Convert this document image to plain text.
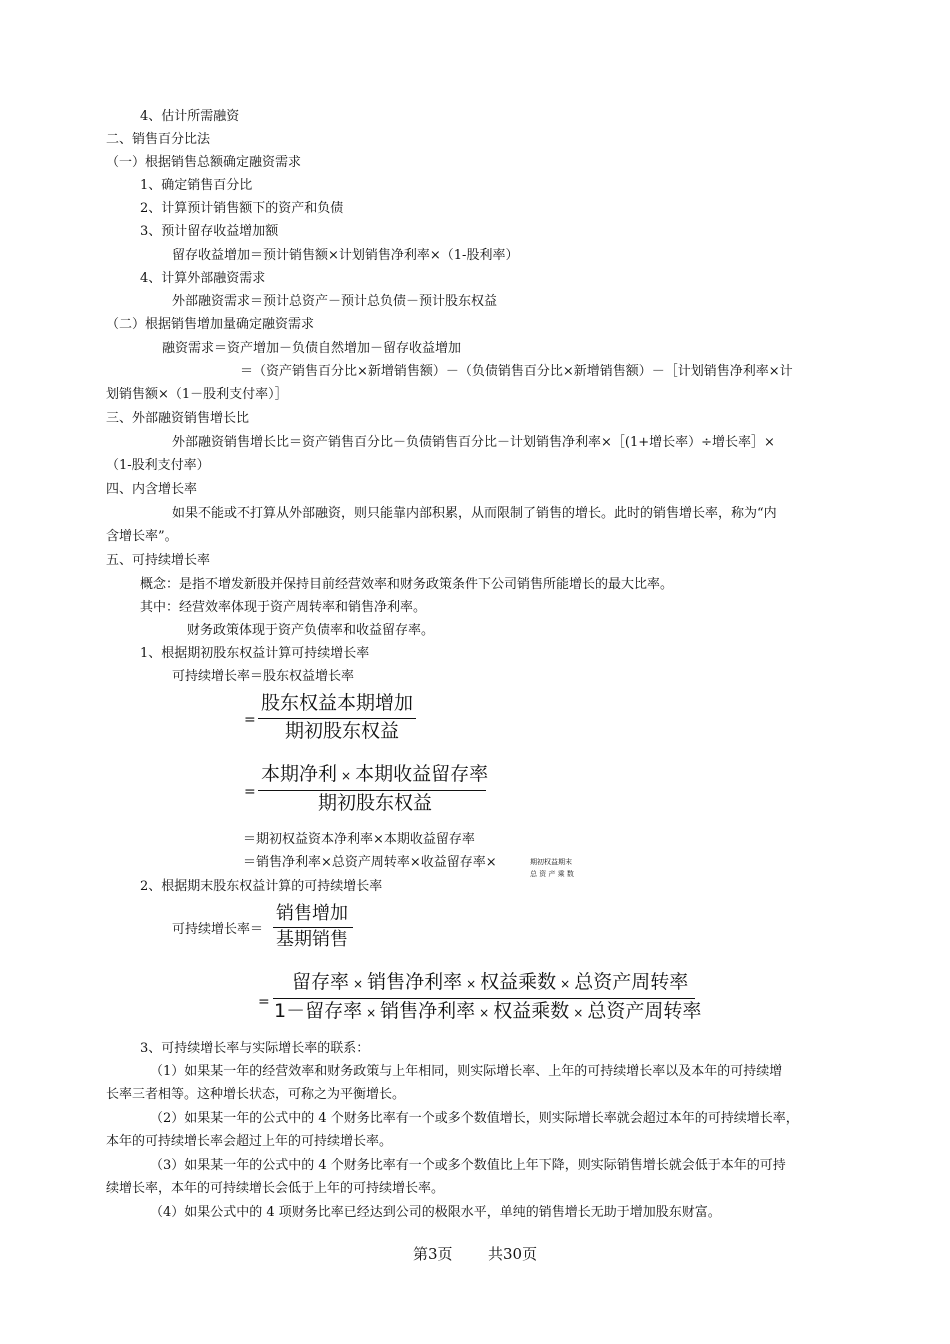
4、估计所需融资
二、销售百分比法
（一）根据销售总额确定融资需求
1、确定销售百分比
2、计算预计销售额下的资产和负债
3、预计留存收益增加额
留存收益增加＝预计销售额×计划销售净利率×（1-股利率）
4、计算外部融资需求
外部融资需求＝预计总资产－预计总负债－预计股东权益
（二）根据销售增加量确定融资需求
融资需求＝资产增加－负债自然增加－留存收益增加
＝（资产销售百分比×新增销售额）－（负债销售百分比×新增销售额）－［计划销售净利率×计
划销售额×（1－股利支付率）］
三、外部融资销售增长比
外部融资销售增长比＝资产销售百分比－负债销售百分比－计划销售净利率×［(1+增长率）÷增长率］×
（1-股利支付率）
四、内含增长率
如果不能或不打算从外部融资，则只能靠内部积累，从而限制了销售的增长。此时的销售增长率，称为“内
含增长率”。
五、可持续增长率
概念：是指不增发新股并保持目前经营效率和财务政策条件下公司销售所能增长的最大比率。
其中：经营效率体现于资产周转率和销售净利率。
财务政策体现于资产负债率和收益留存率。
1、根据期初股东权益计算可持续增长率
可持续增长率＝股东权益增长率
=
股东权益本期增加
期初股东权益
=
本期净利 × 本期收益留存率
期初股东权益
＝期初权益资本净利率×本期收益留存率
＝销售净利率×总资产周转率×收益留存率×	期初权益期末
总 资 产 乘 数
2、根据期末股东权益计算的可持续增长率
可持续增长率＝
销售增加
基期销售
=
留存率 × 销售净利率 × 权益乘数 × 总资产周转率
1－留存率 × 销售净利率 × 权益乘数 × 总资产周转率
3、可持续增长率与实际增长率的联系：
（1）如果某一年的经营效率和财务政策与上年相同，则实际增长率、上年的可持续增长率以及本年的可持续增
长率三者相等。这种增长状态，可称之为平衡增长。
（2）如果某一年的公式中的 4 个财务比率有一个或多个数值增长，则实际增长率就会超过本年的可持续增长率，
本年的可持续增长率会超过上年的可持续增长率。
（3）如果某一年的公式中的 4 个财务比率有一个或多个数值比上年下降，则实际销售增长就会低于本年的可持
续增长率，本年的可持续增长会低于上年的可持续增长率。
（4）如果公式中的 4 项财务比率已经达到公司的极限水平，单纯的销售增长无助于增加股东财富。
第3页 共30页
